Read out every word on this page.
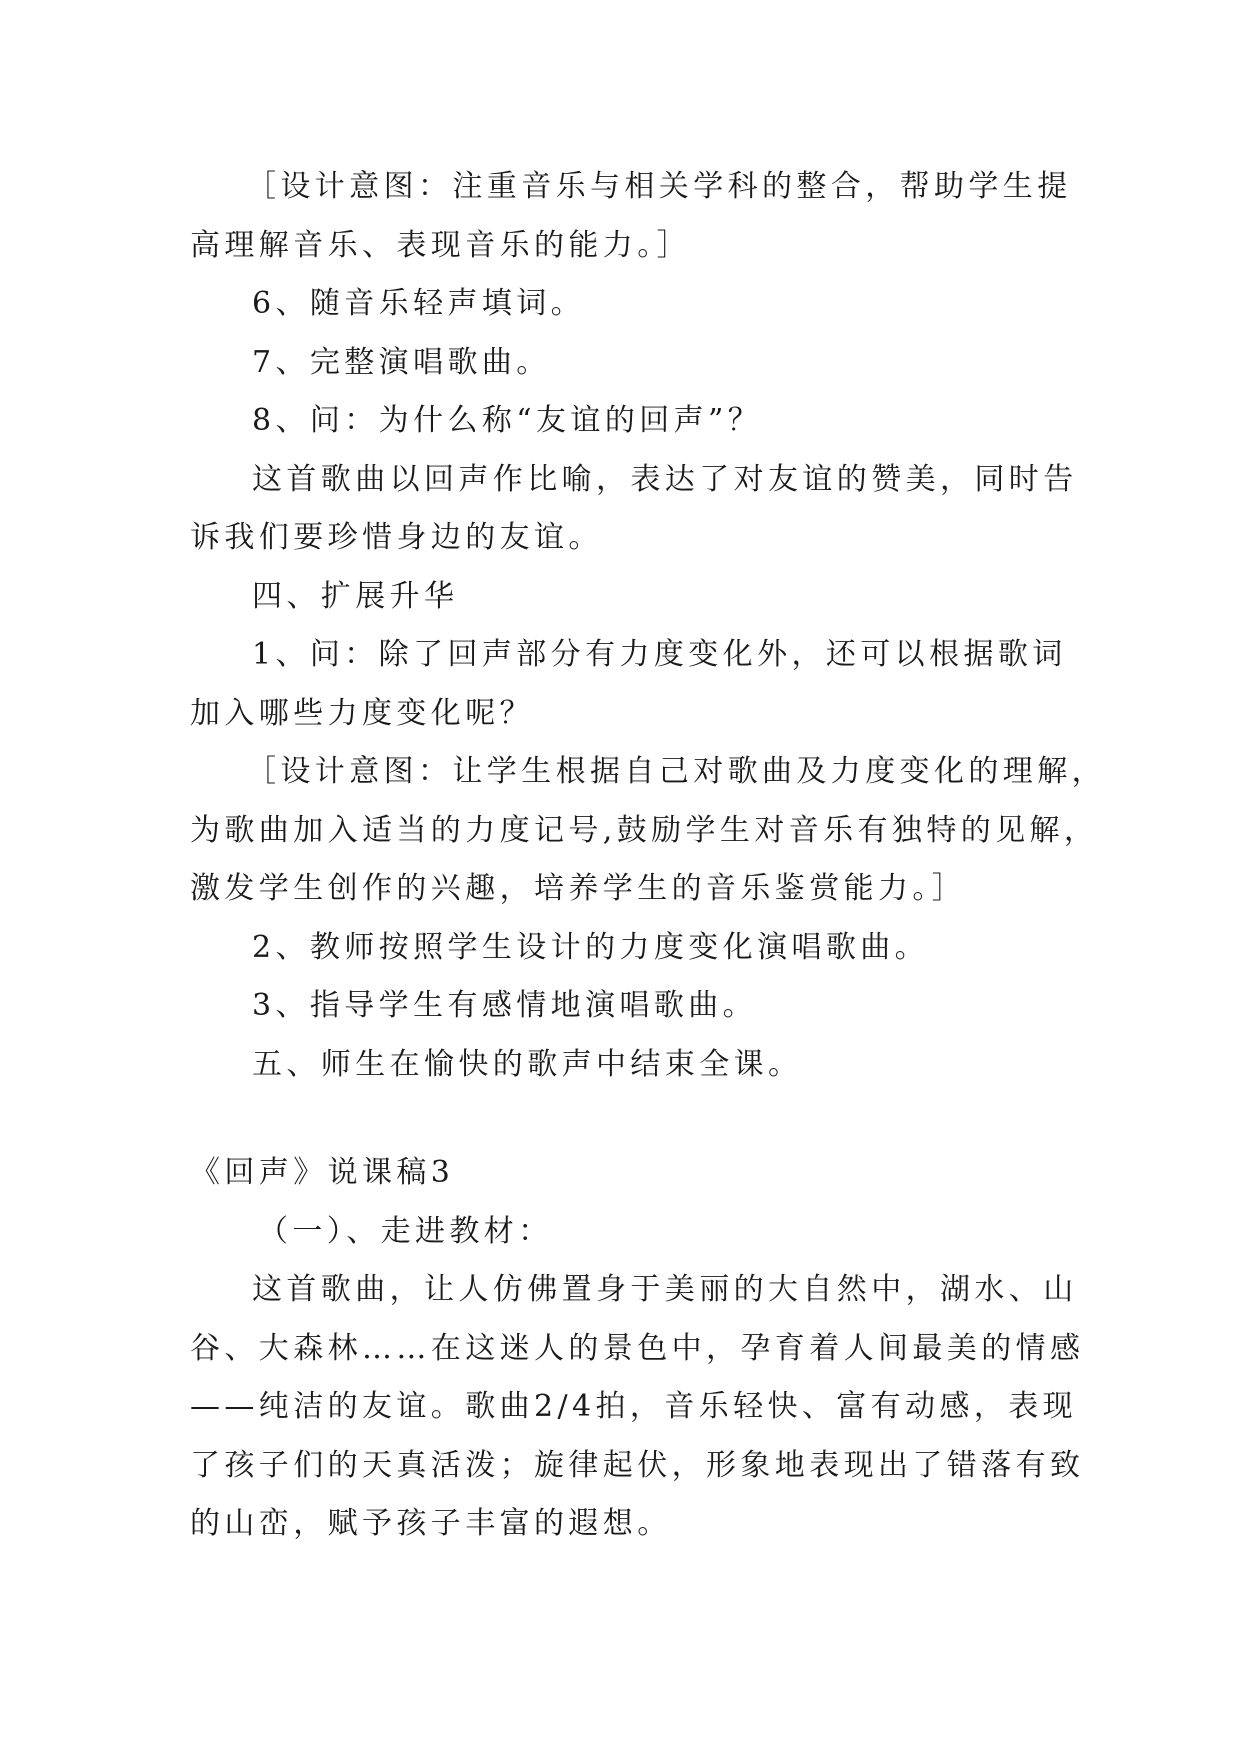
［设计意图：注重音乐与相关学科的整合，帮助学生提

高理解音乐、表现音乐的能力。］

6、随音乐轻声填词。

7、完整演唱歌曲。

8、问：为什么称“友谊的回声”？

这首歌曲以回声作比喻，表达了对友谊的赞美，同时告

诉我们要珍惜身边的友谊。

四、扩展升华

1、问：除了回声部分有力度变化外，还可以根据歌词

加入哪些力度变化呢？

［设计意图：让学生根据自己对歌曲及力度变化的理解，

为歌曲加入适当的力度记号,鼓励学生对音乐有独特的见解，

激发学生创作的兴趣，培养学生的音乐鉴赏能力。］

2、教师按照学生设计的力度变化演唱歌曲。

3、指导学生有感情地演唱歌曲。

五、师生在愉快的歌声中结束全课。

《回声》说课稿3

（一）、走进教材：

这首歌曲，让人仿佛置身于美丽的大自然中，湖水、山

谷、大森林……在这迷人的景色中，孕育着人间最美的情感

——纯洁的友谊。歌曲2/4拍，音乐轻快、富有动感，表现

了孩子们的天真活泼；旋律起伏，形象地表现出了错落有致

的山峦，赋予孩子丰富的遐想。
